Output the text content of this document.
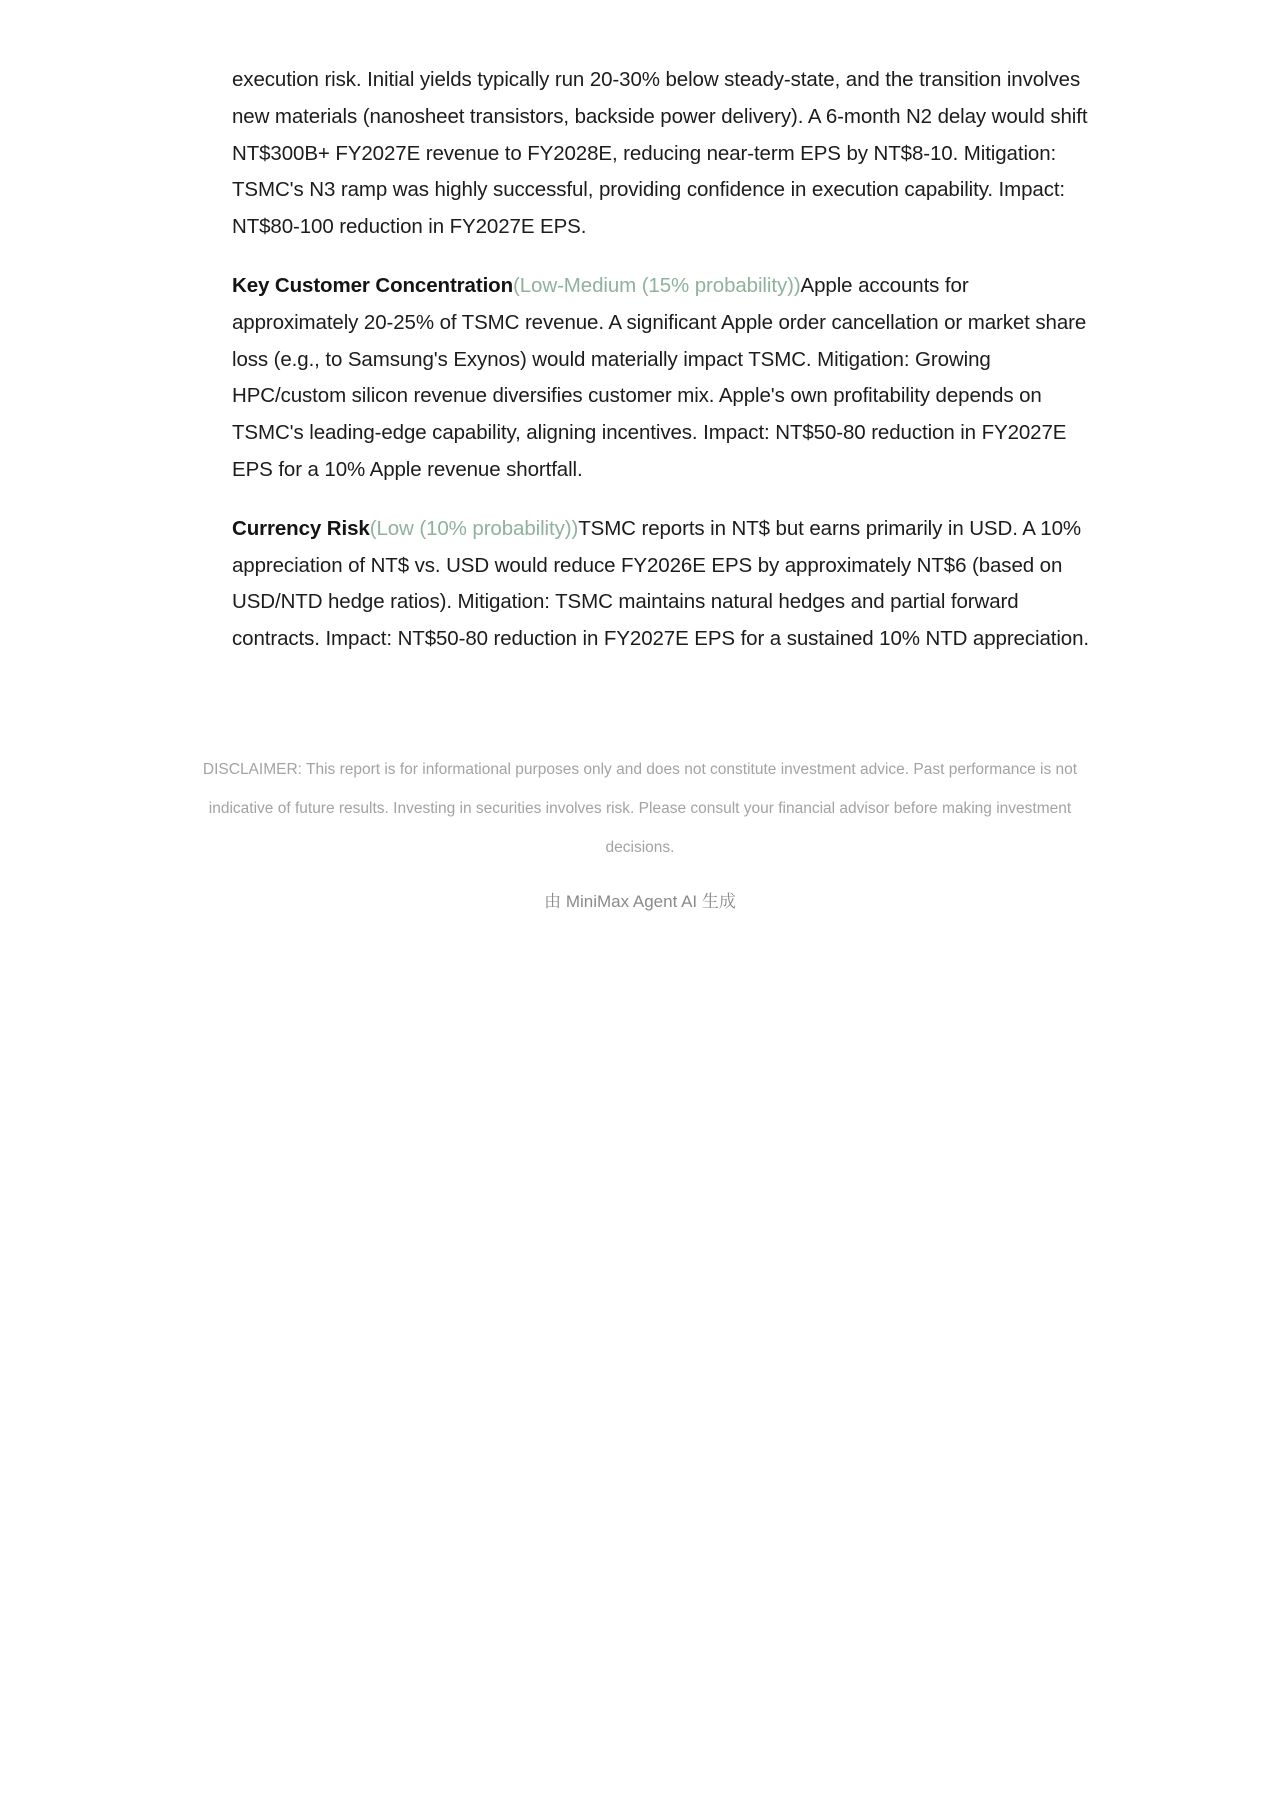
execution risk. Initial yields typically run 20-30% below steady-state, and the transition involves new materials (nanosheet transistors, backside power delivery). A 6-month N2 delay would shift NT$300B+ FY2027E revenue to FY2028E, reducing near-term EPS by NT$8-10. Mitigation: TSMC's N3 ramp was highly successful, providing confidence in execution capability. Impact: NT$80-100 reduction in FY2027E EPS.

Key Customer Concentration(Low-Medium (15% probability))Apple accounts for approximately 20-25% of TSMC revenue. A significant Apple order cancellation or market share loss (e.g., to Samsung's Exynos) would materially impact TSMC. Mitigation: Growing HPC/custom silicon revenue diversifies customer mix. Apple's own profitability depends on TSMC's leading-edge capability, aligning incentives. Impact: NT$50-80 reduction in FY2027E EPS for a 10% Apple revenue shortfall.

Currency Risk(Low (10% probability))TSMC reports in NT$ but earns primarily in USD. A 10% appreciation of NT$ vs. USD would reduce FY2026E EPS by approximately NT$6 (based on USD/NTD hedge ratios). Mitigation: TSMC maintains natural hedges and partial forward contracts. Impact: NT$50-80 reduction in FY2027E EPS for a sustained 10% NTD appreciation.

DISCLAIMER: This report is for informational purposes only and does not constitute investment advice. Past performance is not indicative of future results. Investing in securities involves risk. Please consult your financial advisor before making investment decisions.
由 MiniMax Agent AI 生成
